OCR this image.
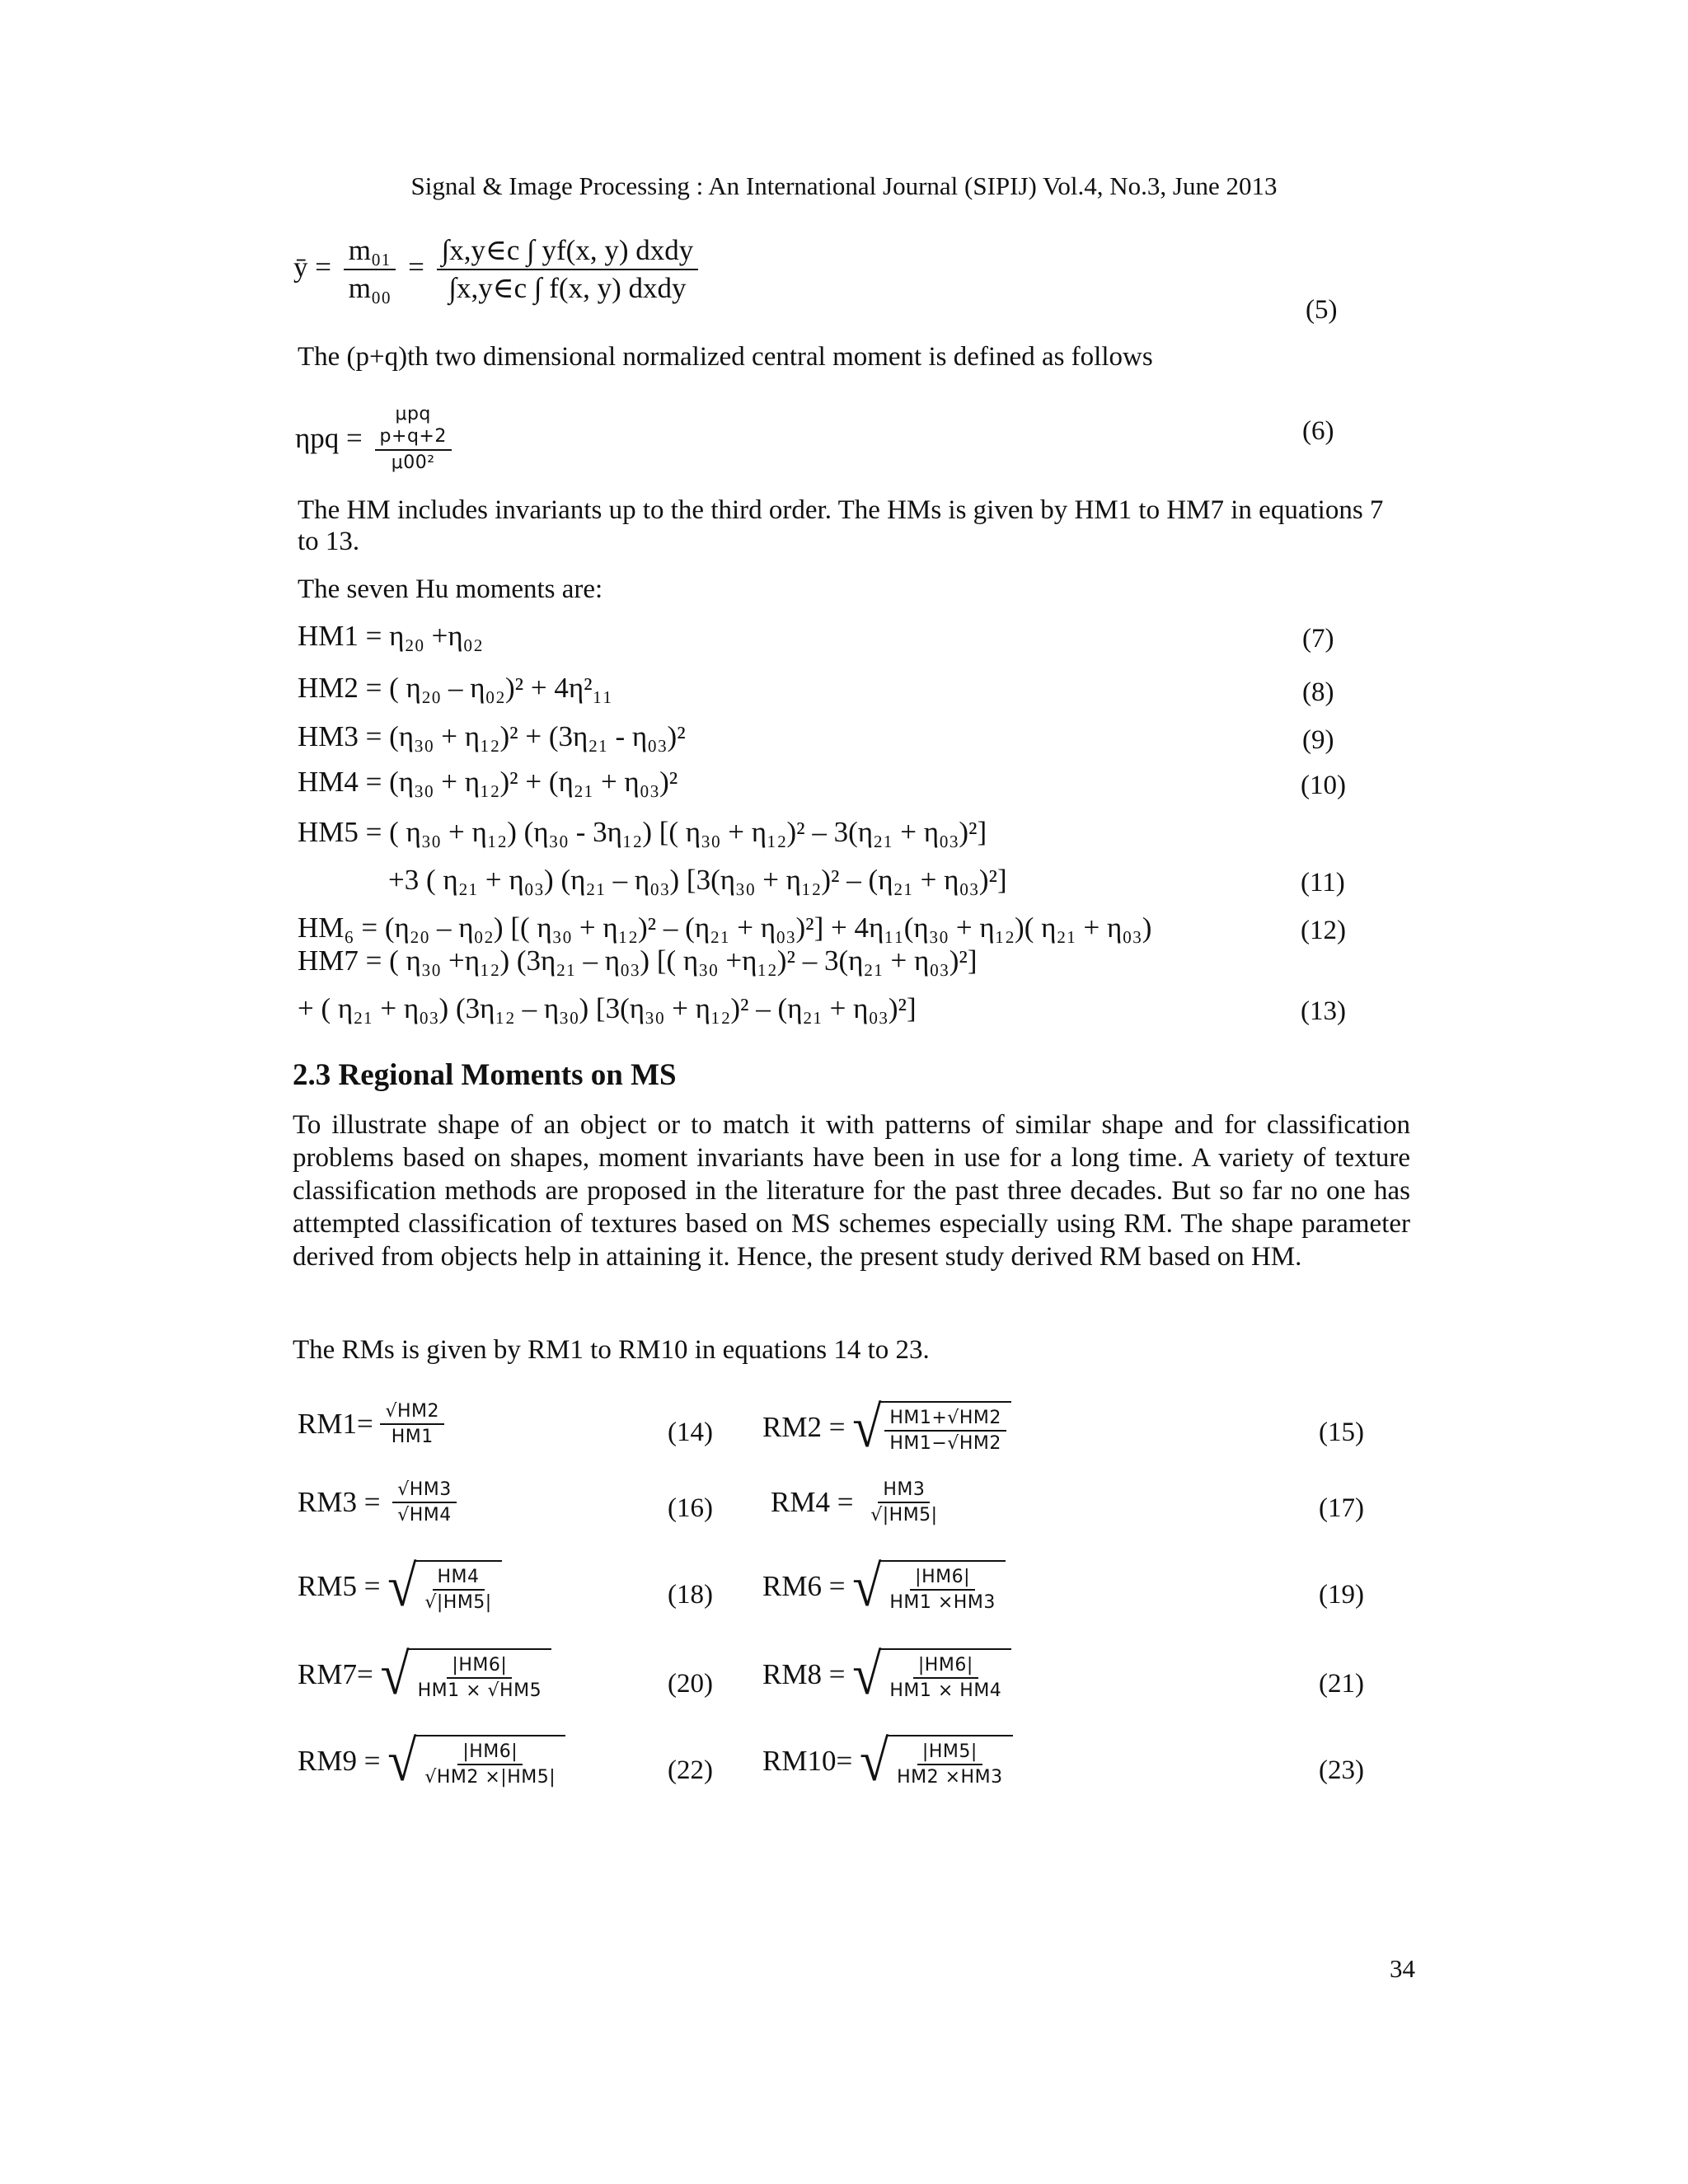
Signal & Image Processing : An International Journal (SIPIJ) Vol.4, No.3, June 2013
ȳ = $\frac{\text{m₀₁}}{\text{m₀₀}} = \frac{\text{∫x,y∈c ∫ yf(x, y) dxdy}}{\text{∫x,y∈c ∫ f(x, y) dxdy}}$
(5)
The (p+q)th two dimensional normalized central moment is defined as follows
ηpq =
μpq
p+q+2
μ00²
(6)
The HM includes invariants up to the third order. The HMs is given by HM1 to HM7 in equations 7 to 13.
The seven Hu moments are:
HM1 = η₂₀ +η₀₂	(7)
HM2 = ( η₂₀ – η₀₂)² + 4η²₁₁	(8)
HM3 = (η₃₀ + η₁₂)² + (3η₂₁ - η₀₃)²	(9)
HM4 = (η₃₀ + η₁₂)² + (η₂₁ + η₀₃)²	(10)
HM5 = ( η₃₀ + η₁₂) (η₃₀ - 3η₁₂) [( η₃₀ + η₁₂)² – 3(η₂₁ + η₀₃)²]
+3 ( η₂₁ + η₀₃) (η₂₁ – η₀₃) [3(η₃₀ + η₁₂)² – (η₂₁ + η₀₃)²]	(11)
HM₆ = (η₂₀ – η₀₂) [( η₃₀ + η₁₂)² – (η₂₁ + η₀₃)²] + 4η₁₁(η₃₀ + η₁₂)( η₂₁ + η₀₃)	(12)
HM7 = ( η₃₀ +η₁₂) (3η₂₁ – η₀₃) [( η₃₀ +η₁₂)² – 3(η₂₁ + η₀₃)²]
+ ( η₂₁ + η₀₃) (3η₁₂ – η₃₀) [3(η₃₀ + η₁₂)² – (η₂₁ + η₀₃)²]	(13)
2.3 Regional Moments on MS
To illustrate shape of an object or to match it with patterns of similar shape and for classification problems based on shapes, moment invariants have been in use for a long time. A variety of texture classification methods are proposed in the literature for the past three decades. But so far no one has attempted classification of textures based on MS schemes especially using RM. The shape parameter derived from objects help in attaining it. Hence, the present study derived RM based on HM.
The RMs is given by RM1 to RM10 in equations 14 to 23.
$RM1= \frac{√HM2}{HM1}$	(14) RM2 = √ $\frac{HM1+√HM2}{HM1-√HM2}$	(15)
$RM3 = \frac{√HM3}{√HM4}$	(16) $RM4 = \frac{HM3}{√|HM5|}$	(17)
RM5 = √ $\frac{HM4}{√|HM5|}$	(18) RM6 = √ $\frac{|HM6|}{HM1 \times HM3}$	(19)
RM7= √ $\frac{|HM6|}{HM1 \times √HM5}$	(20) RM8 = √ $\frac{|HM6|}{HM1 \times HM4}$	(21)
RM9 = √ $\frac{|HM6|}{√HM2 \times|HM5|}$	(22) RM10= √ $\frac{|HM5|}{HM2 \times HM3}$	(23)
34
